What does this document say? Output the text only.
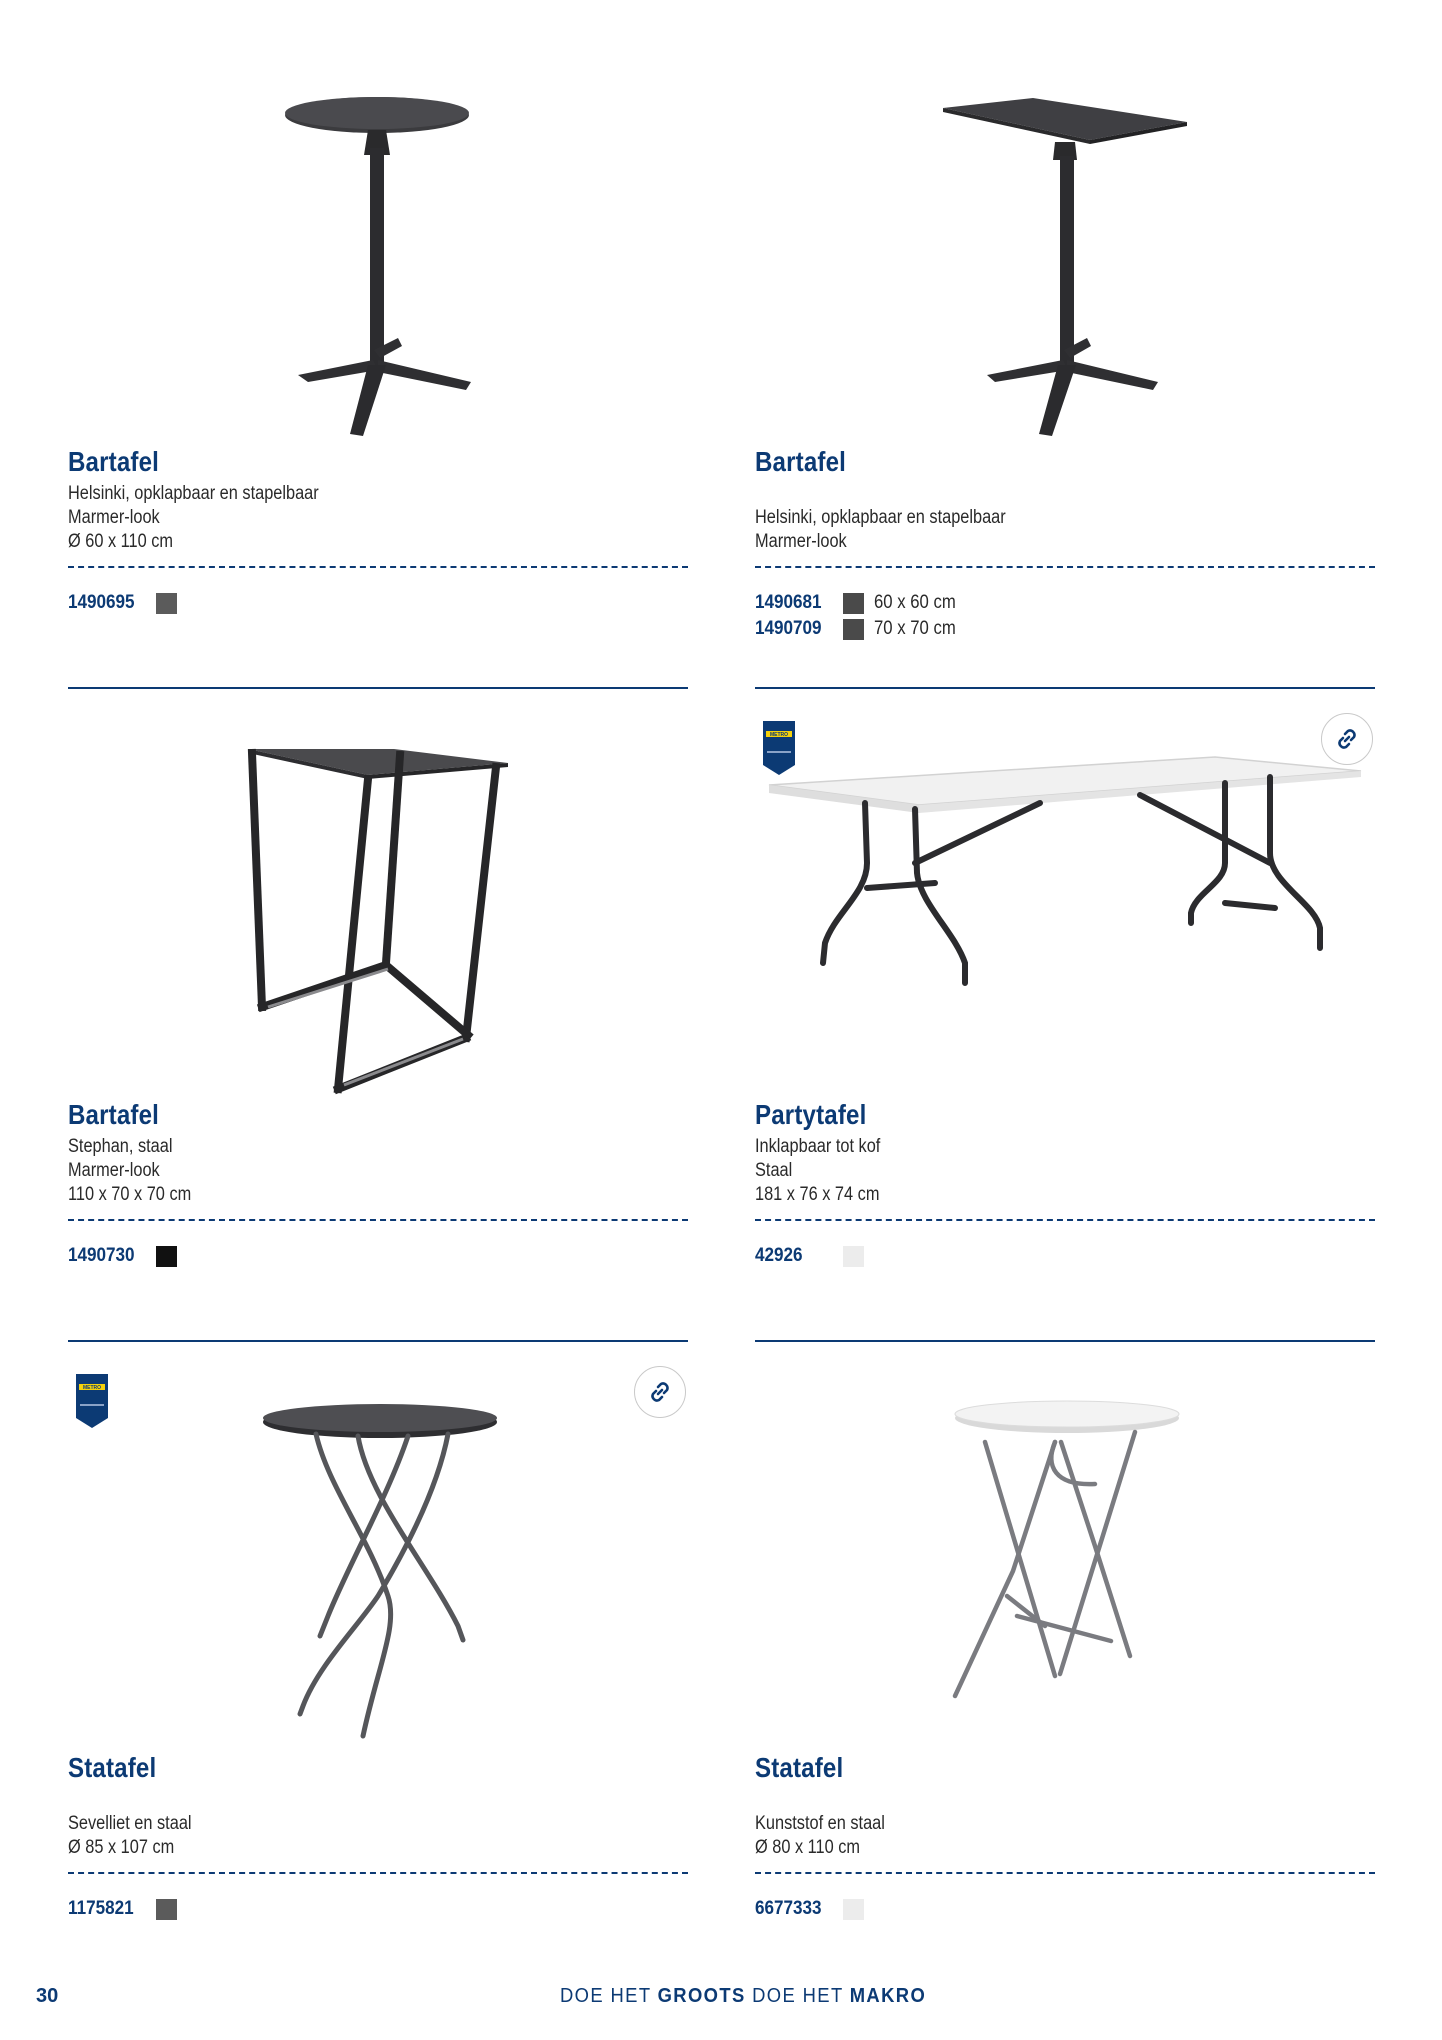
Bartafel
Helsinki, opklapbaar en stapelbaar
Marmer-look
Ø 60 x 110 cm
1490695
Bartafel
Helsinki, opklapbaar en stapelbaar
Marmer-look
1490681	60 x 60 cm
1490709	70 x 70 cm
Bartafel
Stephan, staal
Marmer-look
110 x 70 x 70 cm
1490730
METRO
Partytafel
Inklapbaar tot kof
Staal
181 x 76 x 74 cm
42926
METRO
Statafel
Sevelliet en staal
Ø 85 x 107 cm
1175821
Statafel
Kunststof en staal
Ø 80 x 110 cm
6677333
30	DOE HET GROOTS DOE HET MAKRO
